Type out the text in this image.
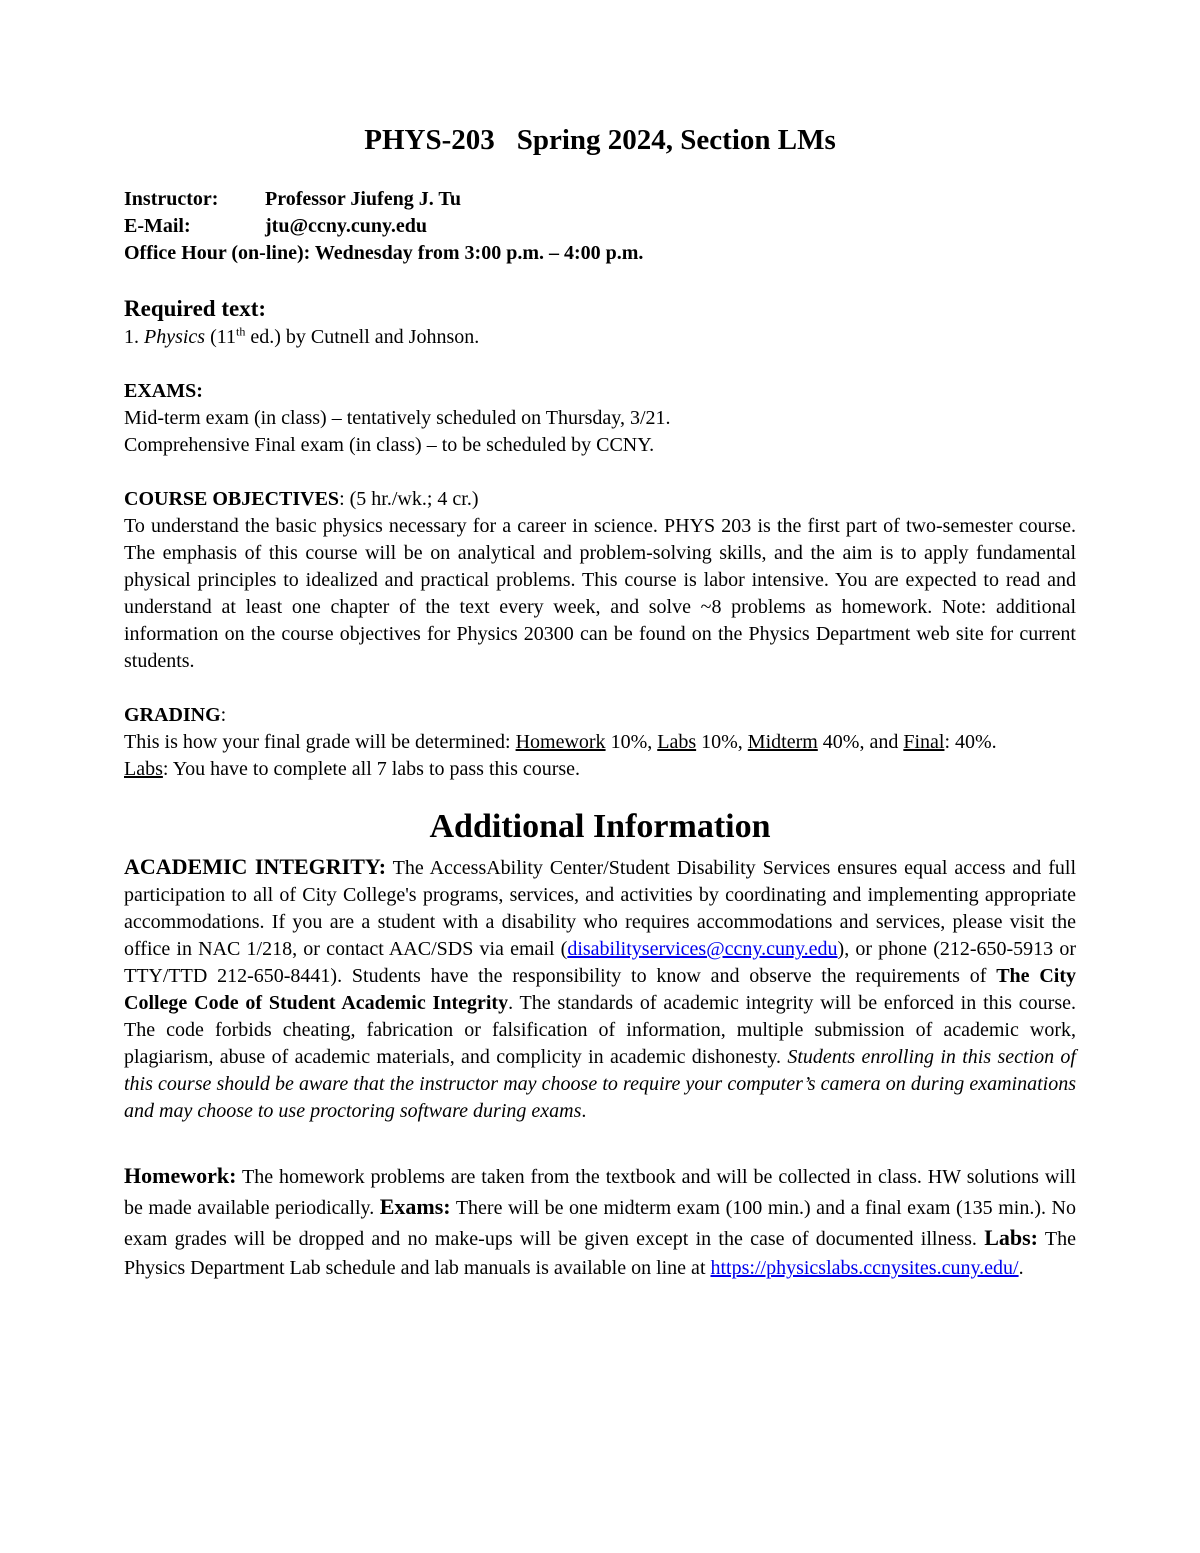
PHYS-203 Spring 2024, Section LMs
Instructor: Professor Jiufeng J. Tu
E-Mail:	jtu@ccny.cuny.edu
Office Hour (on-line): Wednesday from 3:00 p.m. – 4:00 p.m.
Required text:
1. Physics (11th ed.) by Cutnell and Johnson.
EXAMS:
Mid-term exam (in class) – tentatively scheduled on Thursday, 3/21.
Comprehensive Final exam (in class) – to be scheduled by CCNY.
COURSE OBJECTIVES: (5 hr./wk.; 4 cr.)

To understand the basic physics necessary for a career in science. PHYS 203 is the first part of two-semester course. The emphasis of this course will be on analytical and problem-solving skills, and the aim is to apply fundamental physical principles to idealized and practical problems. This course is labor intensive. You are expected to read and understand at least one chapter of the text every week, and solve ~8 problems as homework. Note: additional information on the course objectives for Physics 20300 can be found on the Physics Department web site for current students.

GRADING:

This is how your final grade will be determined: Homework 10%, Labs 10%, Midterm 40%, and Final: 40%.

Labs: You have to complete all 7 labs to pass this course.
Additional Information

ACADEMIC INTEGRITY: The AccessAbility Center/Student Disability Services ensures equal access and full participation to all of City College's programs, services, and activities by coordinating and implementing appropriate accommodations. If you are a student with a disability who requires accommodations and services, please visit the office in NAC 1/218, or contact AAC/SDS via email (disabilityservices@ccny.cuny.edu), or phone (212-650-5913 or TTY/TTD 212-650-8441). Students have the responsibility to know and observe the requirements of The City College Code of Student Academic Integrity. The standards of academic integrity will be enforced in this course. The code forbids cheating, fabrication or falsification of information, multiple submission of academic work, plagiarism, abuse of academic materials, and complicity in academic dishonesty. Students enrolling in this section of this course should be aware that the instructor may choose to require your computer’s camera on during examinations and may choose to use proctoring software during exams.

Homework: The homework problems are taken from the textbook and will be collected in class. HW solutions will be made available periodically. Exams: There will be one midterm exam (100 min.) and a final exam (135 min.). No exam grades will be dropped and no make-ups will be given except in the case of documented illness. Labs: The Physics Department Lab schedule and lab manuals is available on line at https://physicslabs.ccnysites.cuny.edu/.
